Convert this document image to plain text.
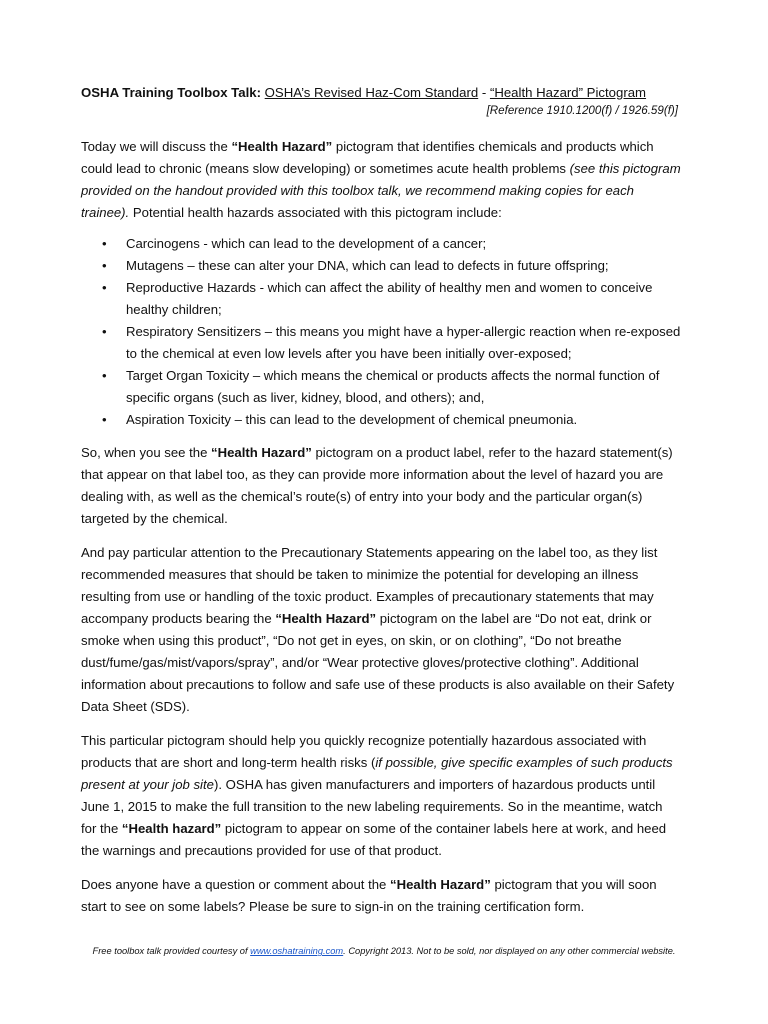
OSHA Training Toolbox Talk: OSHA’s Revised Haz-Com Standard - “Health Hazard” Pictogram
[Reference 1910.1200(f) / 1926.59(f)]

Today we will discuss the “Health Hazard” pictogram that identifies chemicals and products which could lead to chronic (means slow developing) or sometimes acute health problems (see this pictogram provided on the handout provided with this toolbox talk, we recommend making copies for each trainee). Potential health hazards associated with this pictogram include:

• Carcinogens - which can lead to the development of a cancer;
• Mutagens – these can alter your DNA, which can lead to defects in future offspring;
• Reproductive Hazards - which can affect the ability of healthy men and women to conceive healthy children;
• Respiratory Sensitizers – this means you might have a hyper-allergic reaction when re-exposed to the chemical at even low levels after you have been initially over-exposed;
• Target Organ Toxicity – which means the chemical or products affects the normal function of specific organs (such as liver, kidney, blood, and others); and,
• Aspiration Toxicity – this can lead to the development of chemical pneumonia.

So, when you see the “Health Hazard” pictogram on a product label, refer to the hazard statement(s) that appear on that label too, as they can provide more information about the level of hazard you are dealing with, as well as the chemical’s route(s) of entry into your body and the particular organ(s) targeted by the chemical.

And pay particular attention to the Precautionary Statements appearing on the label too, as they list recommended measures that should be taken to minimize the potential for developing an illness resulting from use or handling of the toxic product. Examples of precautionary statements that may accompany products bearing the “Health Hazard” pictogram on the label are “Do not eat, drink or smoke when using this product”, “Do not get in eyes, on skin, or on clothing”, “Do not breathe dust/fume/gas/mist/vapors/spray”, and/or “Wear protective gloves/protective clothing”. Additional information about precautions to follow and safe use of these products is also available on their Safety Data Sheet (SDS).

This particular pictogram should help you quickly recognize potentially hazardous associated with products that are short and long-term health risks (if possible, give specific examples of such products present at your job site). OSHA has given manufacturers and importers of hazardous products until June 1, 2015 to make the full transition to the new labeling requirements. So in the meantime, watch for the “Health hazard” pictogram to appear on some of the container labels here at work, and heed the warnings and precautions provided for use of that product.

Does anyone have a question or comment about the “Health Hazard” pictogram that you will soon start to see on some labels? Please be sure to sign-in on the training certification form.

Free toolbox talk provided courtesy of www.oshatraining.com. Copyright 2013. Not to be sold, nor displayed on any other commercial website.
